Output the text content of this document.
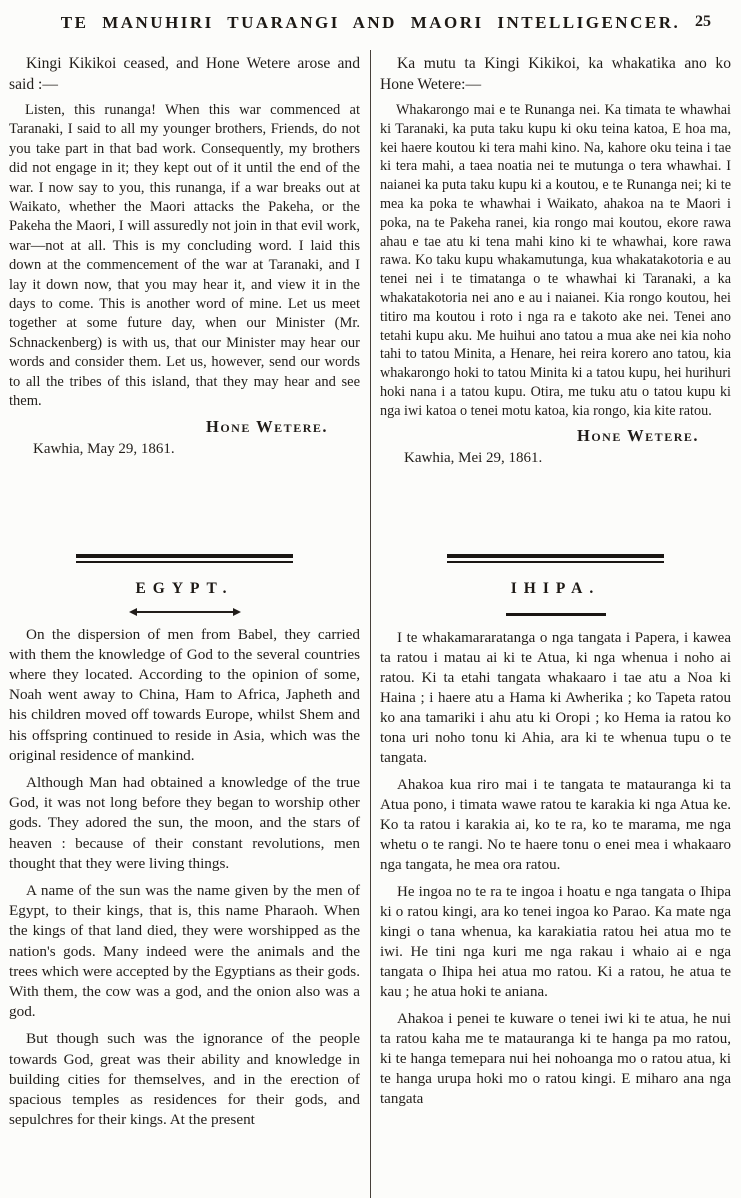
TE MANUHIRI TUARANGI AND MAORI INTELLIGENCER. 25

Kingi Kikikoi ceased, and Hone Wetere arose and said :—

Listen, this runanga! When this war commenced at Taranaki, I said to all my younger brothers, Friends, do not you take part in that bad work. Consequently, my brothers did not engage in it; they kept out of it until the end of the war. I now say to you, this runanga, if a war breaks out at Waikato, whether the Maori attacks the Pakeha, or the Pakeha the Maori, I will assuredly not join in that evil work, war—not at all. This is my concluding word. I laid this down at the commencement of the war at Taranaki, and I lay it down now, that you may hear it, and view it in the days to come. This is another word of mine. Let us meet together at some future day, when our Minister (Mr. Schnackenberg) is with us, that our Minister may hear our words and consider them. Let us, however, send our words to all the tribes of this island, that they may hear and see them.

Hone Wetere.

Kawhia, May 29, 1861.

EGYPT.

On the dispersion of men from Babel, they carried with them the knowledge of God to the several countries where they located. According to the opinion of some, Noah went away to China, Ham to Africa, Japheth and his children moved off towards Europe, whilst Shem and his offspring continued to reside in Asia, which was the original residence of mankind.

Although Man had obtained a knowledge of the true God, it was not long before they began to worship other gods. They adored the sun, the moon, and the stars of heaven : because of their constant revolutions, men thought that they were living things.

A name of the sun was the name given by the men of Egypt, to their kings, that is, this name Pharaoh. When the kings of that land died, they were worshipped as the nation's gods. Many indeed were the animals and the trees which were accepted by the Egyptians as their gods. With them, the cow was a god, and the onion also was a god.

But though such was the ignorance of the people towards God, great was their ability and knowledge in building cities for themselves, and in the erection of spacious temples as residences for their gods, and sepulchres for their kings. At the present

Ka mutu ta Kingi Kikikoi, ka whakatika ano ko Hone Wetere:—

Whakarongo mai e te Runanga nei. Ka timata te whawhai ki Taranaki, ka puta taku kupu ki oku teina katoa, E hoa ma, kei haere koutou ki tera mahi kino. Na, kahore oku teina i tae ki tera mahi, a taea noatia nei te mutunga o tera whawhai. I naianei ka puta taku kupu ki a koutou, e te Runanga nei; ki te mea ka poka te whawhai i Waikato, ahakoa na te Maori i poka, na te Pakeha ranei, kia rongo mai koutou, ekore rawa ahau e tae atu ki tena mahi kino ki te whawhai, kore rawa rawa. Ko taku kupu whakamutunga, kua whakatakotoria e au tenei nei i te timatanga o te whawhai ki Taranaki, a ka whakatakotoria nei ano e au i naianei. Kia rongo koutou, hei titiro ma koutou i roto i nga ra e takoto ake nei. Tenei ano tetahi kupu aku. Me huihui ano tatou a mua ake nei kia noho tahi to tatou Minita, a Henare, hei reira korero ano tatou, kia whakarongo hoki to tatou Minita ki a tatou kupu, hei hurihuri hoki nana i a tatou kupu. Otira, me tuku atu o tatou kupu ki nga iwi katoa o tenei motu katoa, kia rongo, kia kite ratou.

Hone Wetere.

Kawhia, Mei 29, 1861.

IHIPA.

I te whakamararatanga o nga tangata i Papera, i kawea ta ratou i matau ai ki te Atua, ki nga whenua i noho ai ratou. Ki ta etahi tangata whakaaro i tae atu a Noa ki Haina ; i haere atu a Hama ki Awherika ; ko Tapeta ratou ko ana tamariki i ahu atu ki Oropi ; ko Hema ia ratou ko tona uri noho tonu ki Ahia, ara ki te whenua tupu o te tangata.

Ahakoa kua riro mai i te tangata te matauranga ki ta Atua pono, i timata wawe ratou te karakia ki nga Atua ke. Ko ta ratou i karakia ai, ko te ra, ko te marama, me nga whetu o te rangi. No te haere tonu o enei mea i whakaaro nga tangata, he mea ora ratou.

He ingoa no te ra te ingoa i hoatu e nga tangata o Ihipa ki o ratou kingi, ara ko tenei ingoa ko Parao. Ka mate nga kingi o tana whenua, ka karakiatia ratou hei atua mo te iwi. He tini nga kuri me nga rakau i whaio ai e nga tangata o Ihipa hei atua mo ratou. Ki a ratou, he atua te kau ; he atua hoki te aniana.

Ahakoa i penei te kuware o tenei iwi ki te atua, he nui ta ratou kaha me te matauranga ki te hanga pa mo ratou, ki te hanga temepara nui hei nohoanga mo o ratou atua, ki te hanga urupa hoki mo o ratou kingi. E miharo ana nga tangata
